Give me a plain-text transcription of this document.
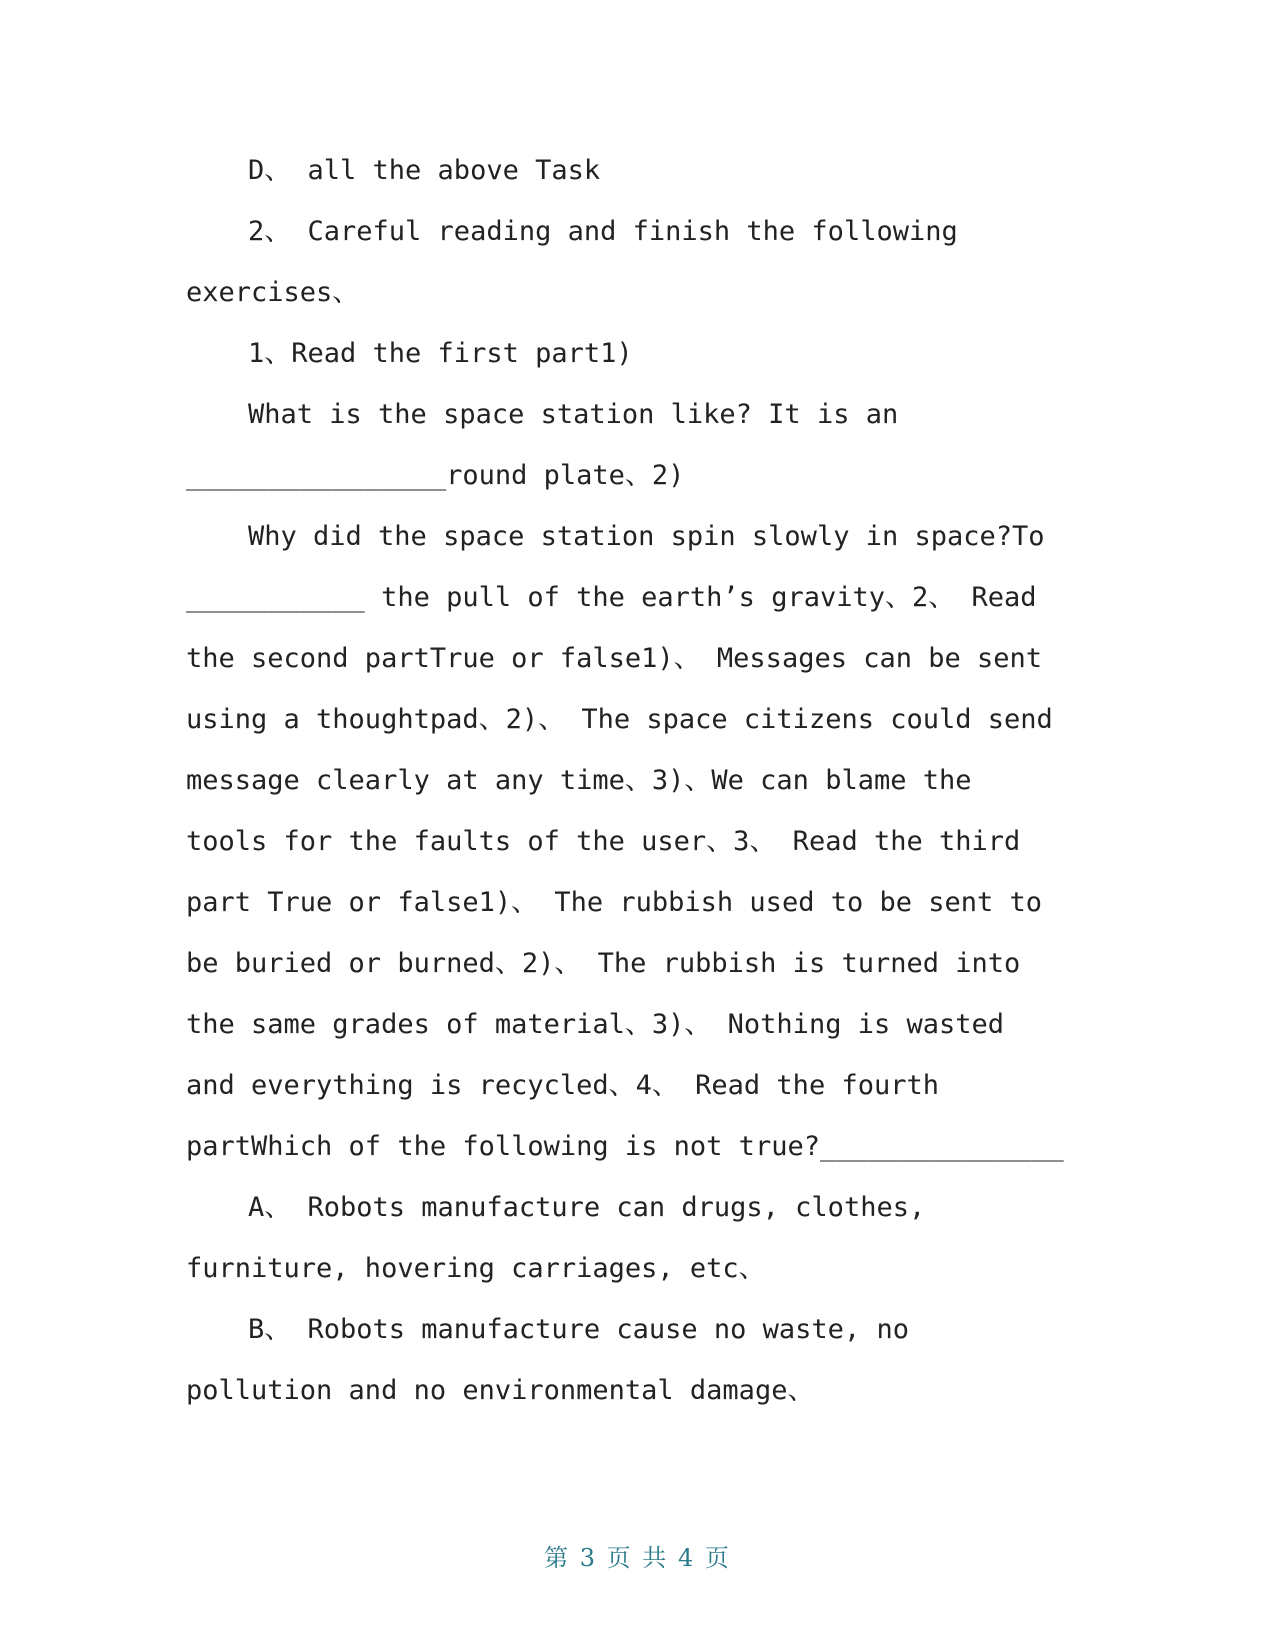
D、 all the above Task

2、 Careful reading and finish the following exercises、

1、Read the first part1)

What is the space station like? It is an ________________round plate、2)

Why did the space station spin slowly in space?To ___________ the pull of the earth’s gravity、2、 Read the second partTrue or false1)、 Messages can be sent using a thoughtpad、2)、 The space citizens could send message clearly at any time、3)、We can blame the tools for the faults of the user、3、 Read the third part True or false1)、 The rubbish used to be sent to be buried or burned、2)、 The rubbish is turned into the same grades of material、3)、 Nothing is wasted and everything is recycled、4、 Read the fourth partWhich of the following is not true?_______________

A、 Robots manufacture can drugs, clothes, furniture, hovering carriages, etc、

B、 Robots manufacture cause no waste, no pollution and no environmental damage、

第 3 页 共 4 页
